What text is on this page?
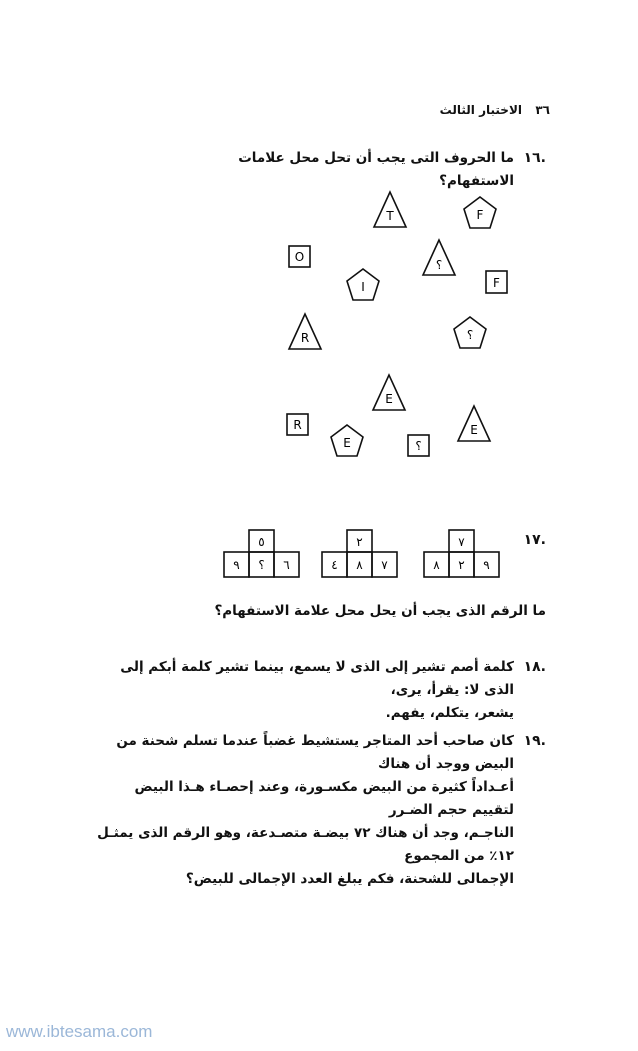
٣٦
الاختبار الثالث
.١٦
ما الحروف التى يجب أن تحل محل علامات الاستفهام؟
T	F
O
؟
I	F
R	؟
E
R
E	؟
E
٧
٨ ٢ ٩
٢
٤ ٨ ٧
٥
٩ ؟ ٦
.١٧
ما الرقم الذى يجب أن يحل محل علامة الاستفهام؟
.١٨
كلمة أصم تشير إلى الذى لا يسمع، بينما تشير كلمة أبكم إلى الذى لا: يقرأ، يرى،
يشعر، يتكلم، يفهم.
.١٩
كان صاحب أحد المتاجر يستشيط غضباً عندما تسلم شحنة من البيض ووجد أن هناك
أعـداداً كثيرة من البيض مكسـورة، وعند إحصـاء هـذا البيض لتقييم حجم الضـرر
الناجـم، وجد أن هناك ٧٢ بيضـة متصـدعة، وهو الرقم الذى يمثـل ١٢٪ من المجموع
الإجمالى للشحنة، فكم يبلغ العدد الإجمالى للبيض؟
www.ibtesama.com
